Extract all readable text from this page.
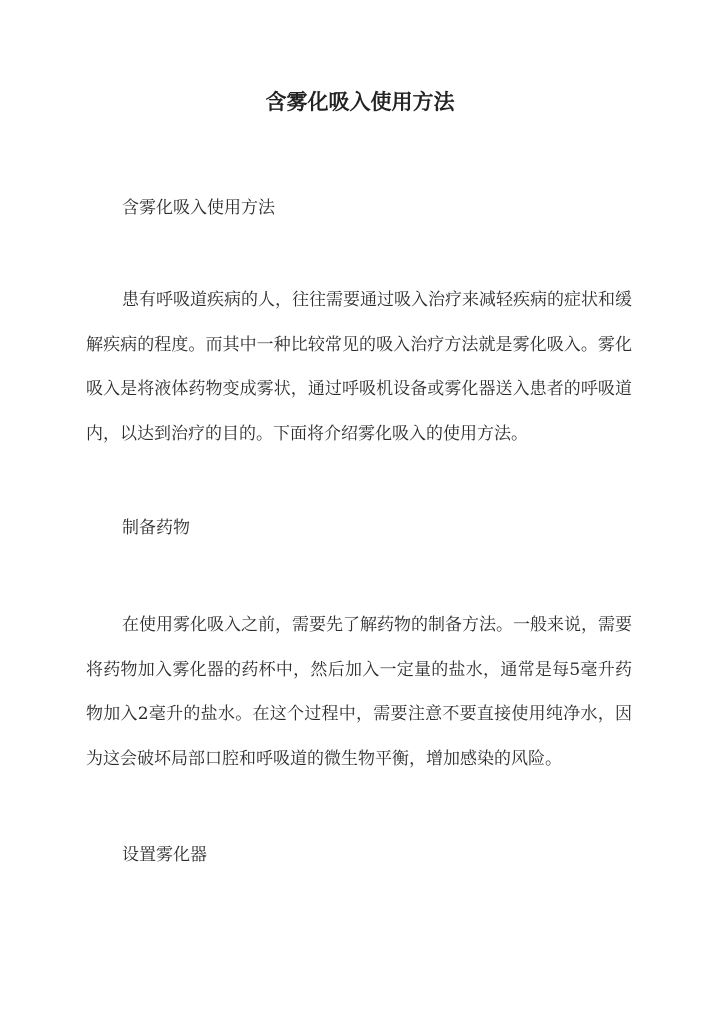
含雾化吸入使用方法
含雾化吸入使用方法
患有呼吸道疾病的人，往往需要通过吸入治疗来减轻疾病的症状和缓
解疾病的程度。而其中一种比较常见的吸入治疗方法就是雾化吸入。雾化
吸入是将液体药物变成雾状，通过呼吸机设备或雾化器送入患者的呼吸道
内，以达到治疗的目的。下面将介绍雾化吸入的使用方法。
制备药物
在使用雾化吸入之前，需要先了解药物的制备方法。一般来说，需要
将药物加入雾化器的药杯中，然后加入一定量的盐水，通常是每5毫升药
物加入2毫升的盐水。在这个过程中，需要注意不要直接使用纯净水，因
为这会破坏局部口腔和呼吸道的微生物平衡，增加感染的风险。
设置雾化器
